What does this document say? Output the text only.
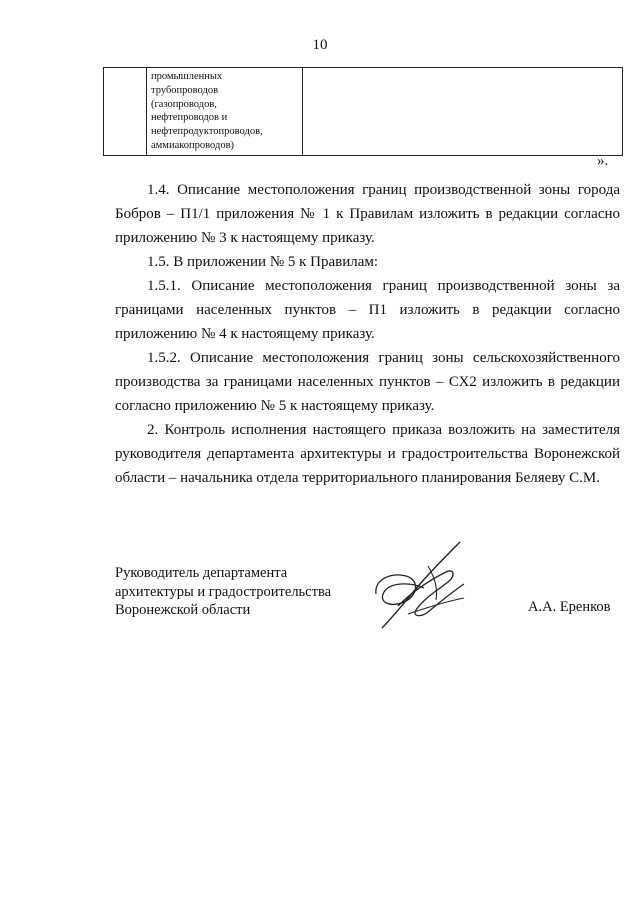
10

промышленных
трубопроводов
(газопроводов,
нефтепроводов и
нефтепродуктопроводов,
аммиакопроводов)

».

1.4. Описание местоположения границ производственной зоны города Бобров – П1/1 приложения № 1 к Правилам изложить в редакции согласно приложению № 3 к настоящему приказу.

1.5. В приложении № 5 к Правилам:

1.5.1. Описание местоположения границ производственной зоны за границами населенных пунктов – П1 изложить в редакции согласно приложению № 4 к настоящему приказу.

1.5.2. Описание местоположения границ зоны сельскохозяйственного производства за границами населенных пунктов – СХ2 изложить в редакции согласно приложению № 5 к настоящему приказу.

2. Контроль исполнения настоящего приказа возложить на заместителя руководителя департамента архитектуры и градостроительства Воронежской области – начальника отдела территориального планирования Беляеву С.М.

Руководитель департамента
архитектуры и градостроительства
Воронежской области	А.А. Еренков
